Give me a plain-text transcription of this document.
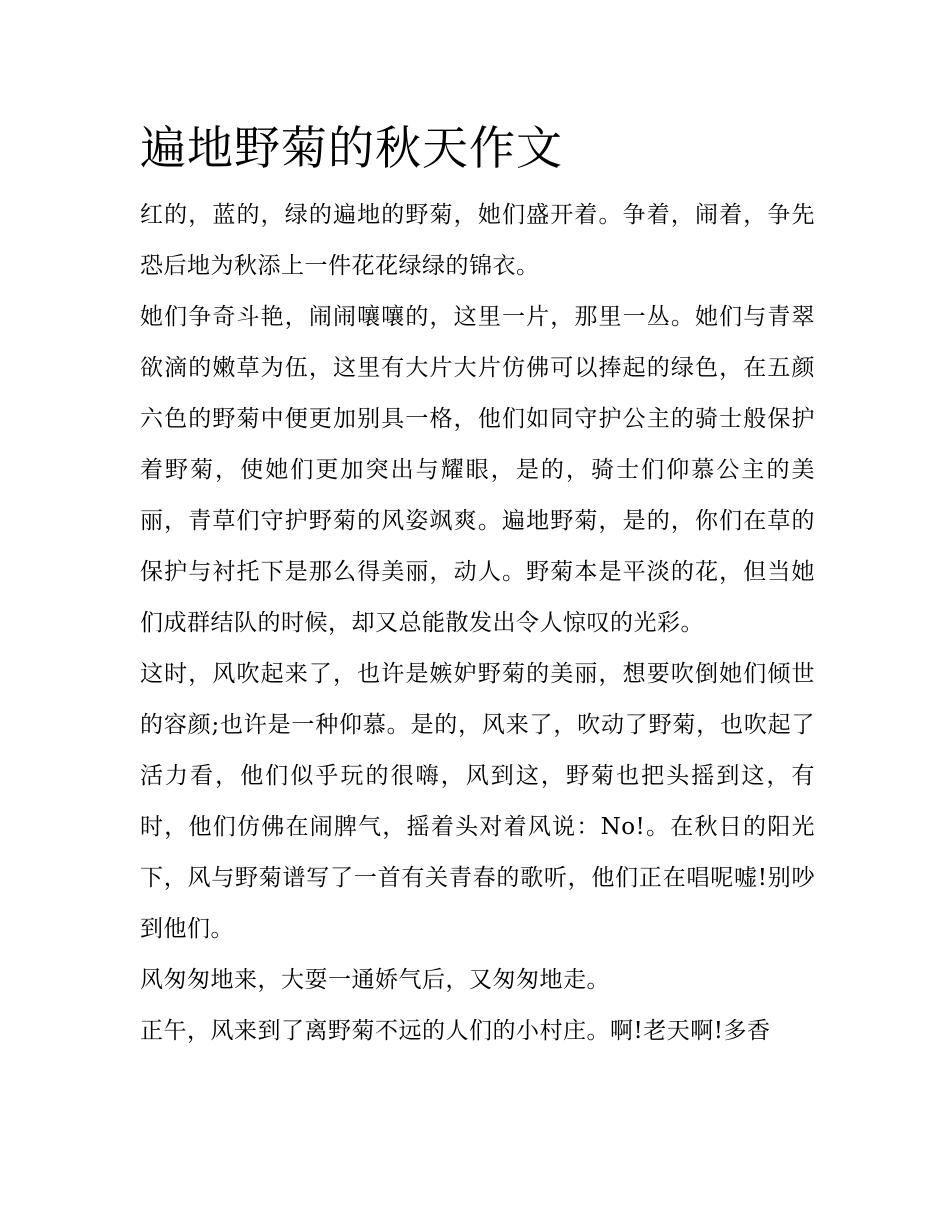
遍地野菊的秋天作文

红的，蓝的，绿的遍地的野菊，她们盛开着。争着，闹着，争先恐后地为秋添上一件花花绿绿的锦衣。

她们争奇斗艳，闹闹嚷嚷的，这里一片，那里一丛。她们与青翠欲滴的嫩草为伍，这里有大片大片仿佛可以捧起的绿色，在五颜六色的野菊中便更加别具一格，他们如同守护公主的骑士般保护着野菊，使她们更加突出与耀眼，是的，骑士们仰慕公主的美丽，青草们守护野菊的风姿飒爽。遍地野菊，是的，你们在草的保护与衬托下是那么得美丽，动人。野菊本是平淡的花，但当她们成群结队的时候，却又总能散发出令人惊叹的光彩。

这时，风吹起来了，也许是嫉妒野菊的美丽，想要吹倒她们倾世的容颜;也许是一种仰慕。是的，风来了，吹动了野菊，也吹起了活力看，他们似乎玩的很嗨，风到这，野菊也把头摇到这，有时，他们仿佛在闹脾气，摇着头对着风说：No!。在秋日的阳光下，风与野菊谱写了一首有关青春的歌听，他们正在唱呢嘘!别吵到他们。

风匆匆地来，大耍一通娇气后，又匆匆地走。

正午，风来到了离野菊不远的人们的小村庄。啊!老天啊!多香
